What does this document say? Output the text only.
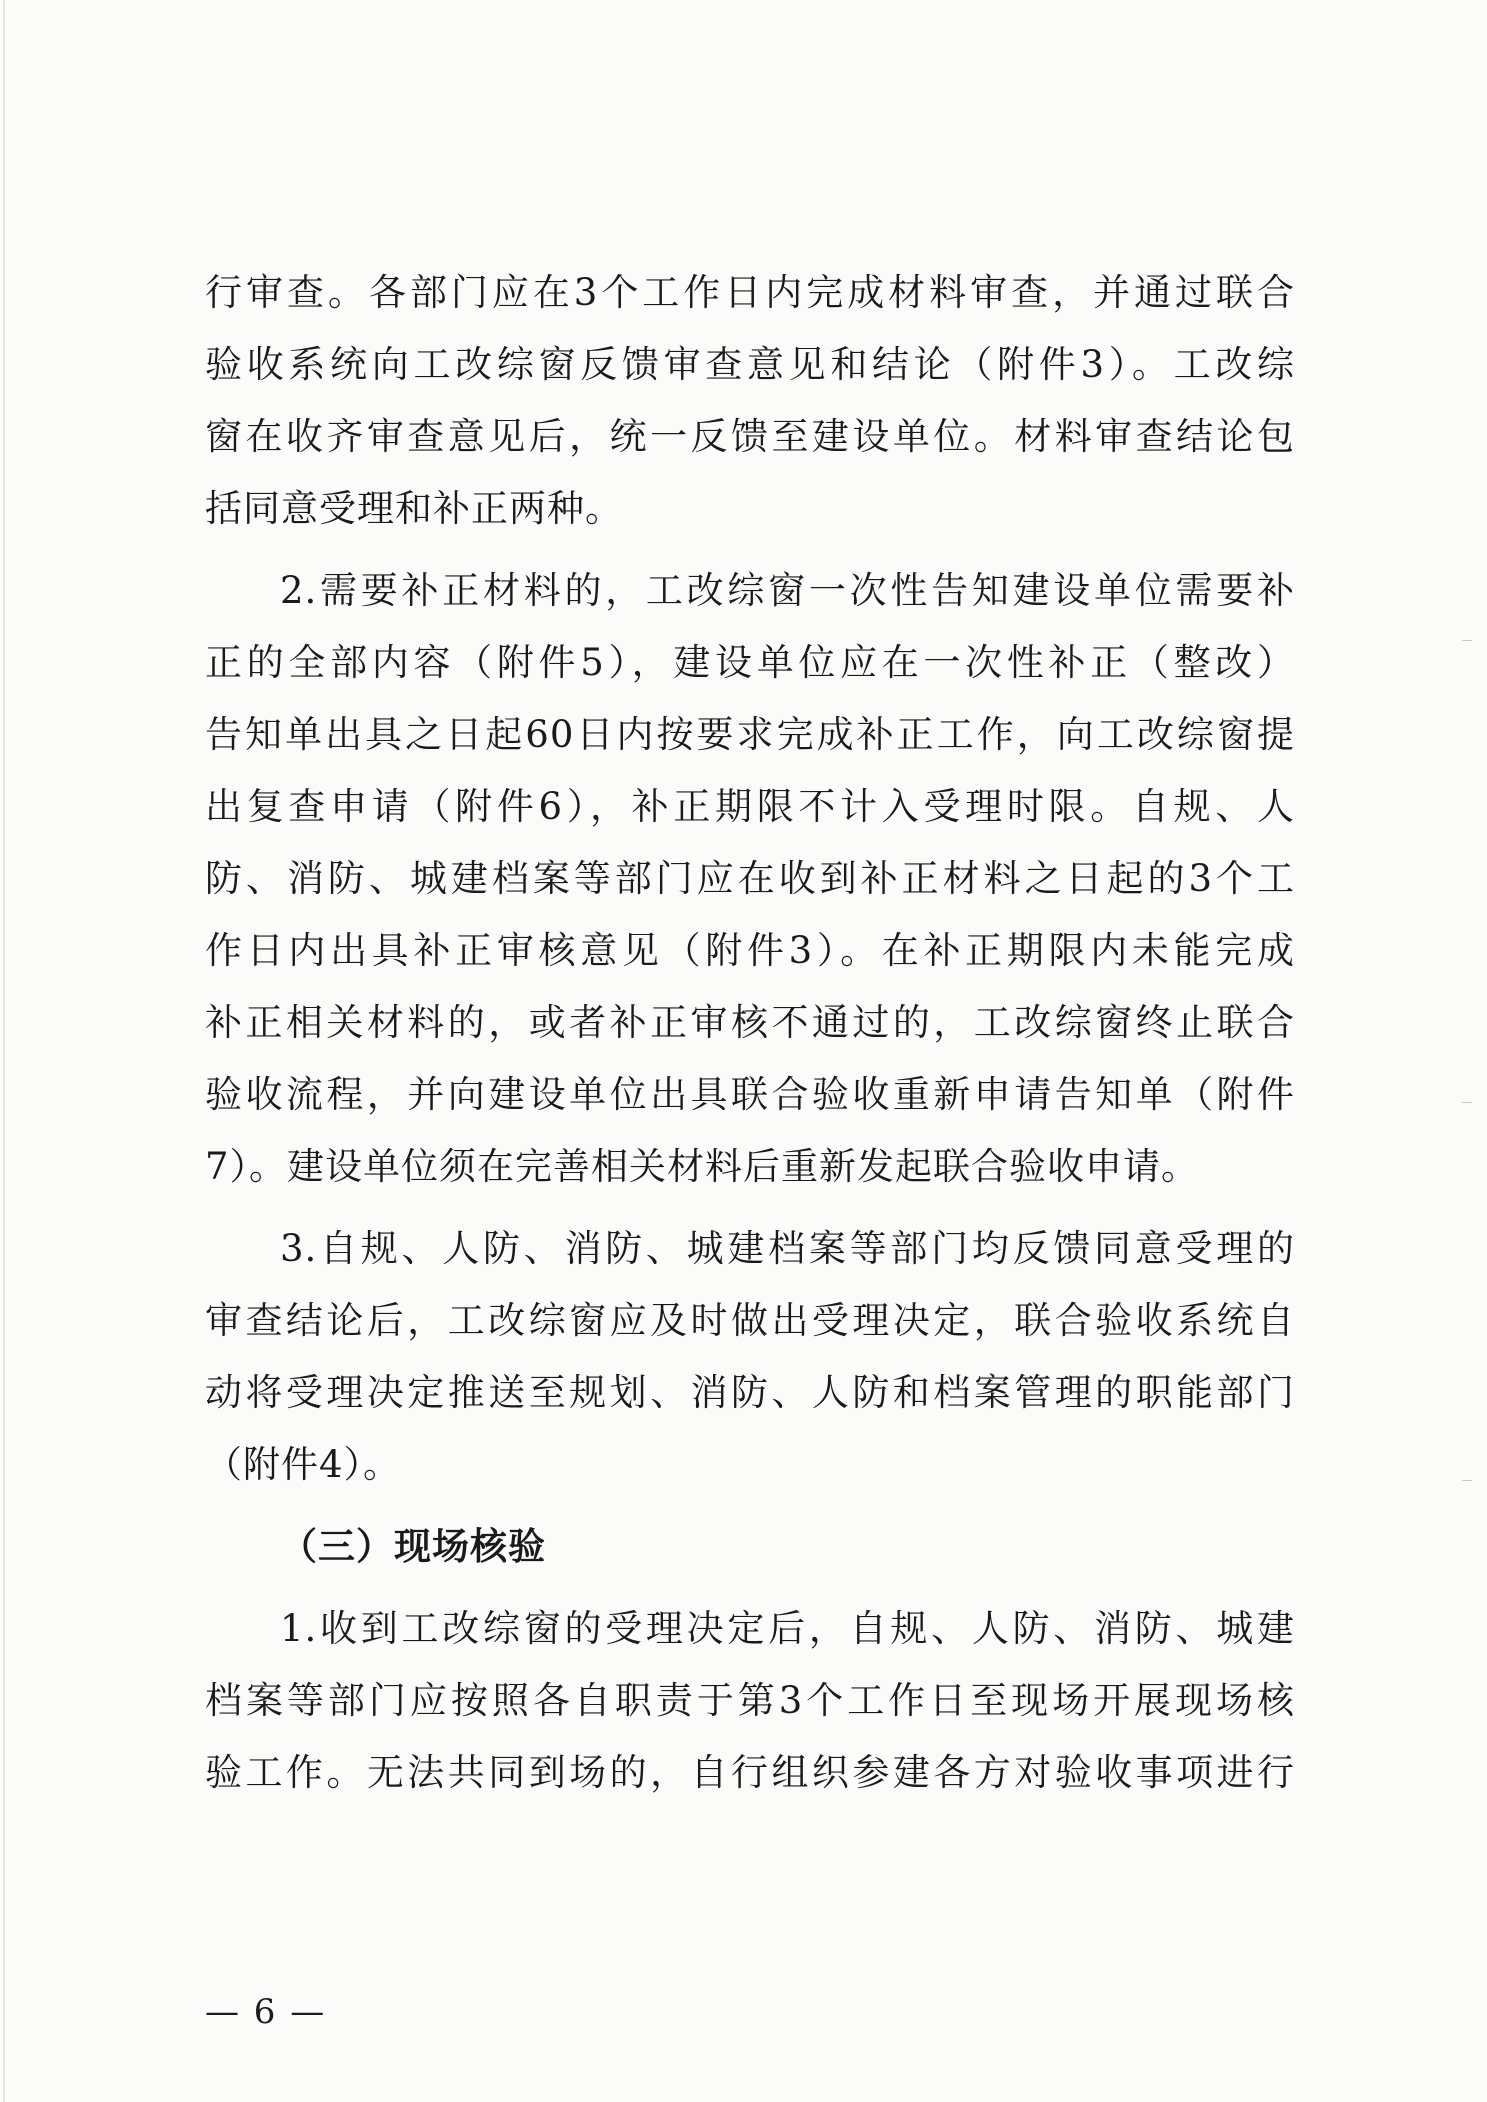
行审查。各部门应在3个工作日内完成材料审查，并通过联合
验收系统向工改综窗反馈审查意见和结论（附件3）。工改综
窗在收齐审查意见后，统一反馈至建设单位。材料审查结论包
括同意受理和补正两种。
2.需要补正材料的，工改综窗一次性告知建设单位需要补
正的全部内容（附件5），建设单位应在一次性补正（整改）
告知单出具之日起60日内按要求完成补正工作，向工改综窗提
出复查申请（附件6），补正期限不计入受理时限。自规、人
防、消防、城建档案等部门应在收到补正材料之日起的3个工
作日内出具补正审核意见（附件3）。在补正期限内未能完成
补正相关材料的，或者补正审核不通过的，工改综窗终止联合
验收流程，并向建设单位出具联合验收重新申请告知单（附件
7）。建设单位须在完善相关材料后重新发起联合验收申请。
3.自规、人防、消防、城建档案等部门均反馈同意受理的
审查结论后，工改综窗应及时做出受理决定，联合验收系统自
动将受理决定推送至规划、消防、人防和档案管理的职能部门
（附件4）。
（三）现场核验
1.收到工改综窗的受理决定后，自规、人防、消防、城建
档案等部门应按照各自职责于第3个工作日至现场开展现场核
验工作。无法共同到场的，自行组织参建各方对验收事项进行
— 6 —
